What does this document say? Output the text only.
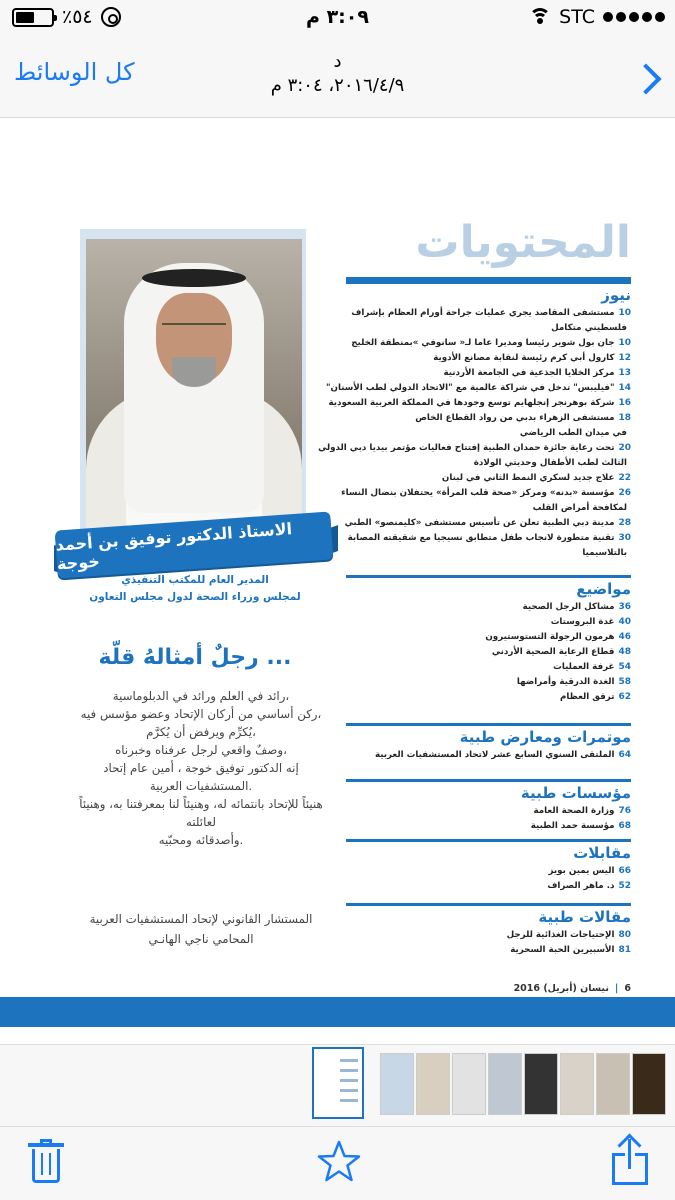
٪٥٤	٣:٠٩ م	STC
كل الوسائط	د
٢٠١٦/٤/٩، ٣:٠٤ م
المحتويات
نيوز
مستشفى المقاصد يجري عمليات جراحة أورام العظام بإشراف 10
فلسطيني متكامل
جان بول شوير رئيسا ومديرا عاما لـ« سانوفي »بمنطقة الخليج 10
كارول أبي كرم رئيسة لنقابة مصانع الأدوية 12
مركز الخلايا الجذعية في الجامعة الأردنية 13
"فيليبس" تدخل في شراكة عالمية مع "الاتحاد الدولي لطب الأسنان" 14
شركة بوهرنجر إنجلهايم توسع وجودها في المملكة العربية السعودية 16
مستشفى الزهراء بدبي من رواد القطاع الخاص 18
في ميدان الطب الرياضي
تحت رعاية جائزة حمدان الطبية إفتتاح فعاليات مؤتمر بيديا دبي الدولي 20
الثالث لطب الأطفال وحديثي الولادة
علاج جديد لسكري النمط الثاني في لبنان 22
مؤسسة «بدنه» ومركز «صحة قلب المرأة» يحتفلان بنضال النساء 26
لمكافحة أمراض القلب
مدينة دبي الطبية تعلن عن تأسيس مستشفى «كليمنصو» الطبي 28
تقنية متطورة لانجاب طفل متطابق نسيجيا مع شقيقته المصابة 30
بالتلاسيميا
مواضيع
مشاكل الرجل الصحية 36
غدة البروستات 40
هرمون الرجولة التستوستيرون 46
قطاع الرعاية الصحية الأردني 48
غرفة العمليات 54
الغدة الدرقية وأمراضها 58
ترقق العظام 62
موتمرات ومعارض طبية
الملتقى السنوي السابع عشر لاتحاد المستشفيات العربية 64
مؤسسات طبية
وزارة الصحة العامة 76
مؤسسة حمد الطبية 68
مقابلات
اليس يمين بويز 66
د. ماهر الصراف 52
مقالات طبية
الإحتياجات الغذائية للرجل 80
الأسبيرين الحبة السحرية 81
نيسان (أبريل) 2016 | 6
الاستاذ الدكتور توفيق بن أحمد خوجة
المدير العام للمكتب التنفيذي
لمجلس وزراء الصحة لدول مجلس التعاون
رجلٌ أمثالهُ قلّة ...
رائد في العلم ورائد في الدبلوماسية،
ركن أساسي من أركان الإتحاد وعضو مؤسس فيه،
يُكرِّم ويرفض أن يُكرَّم،
وصفٌ واقعي لرجل عرفناه وخبرناه،
إنه الدكتور توفيق خوجة ، أمين عام إتحاد
المستشفيات العربية.
هنيئاً للإتحاد بانتمائه له، وهنيئاً لنا بمعرفتنا به، وهنيئاً
لعائلته
وأصدقائه ومحبّيه.
المستشار القانوني لإتحاد المستشفيات العربية
المحامي ناجي الهانـي
